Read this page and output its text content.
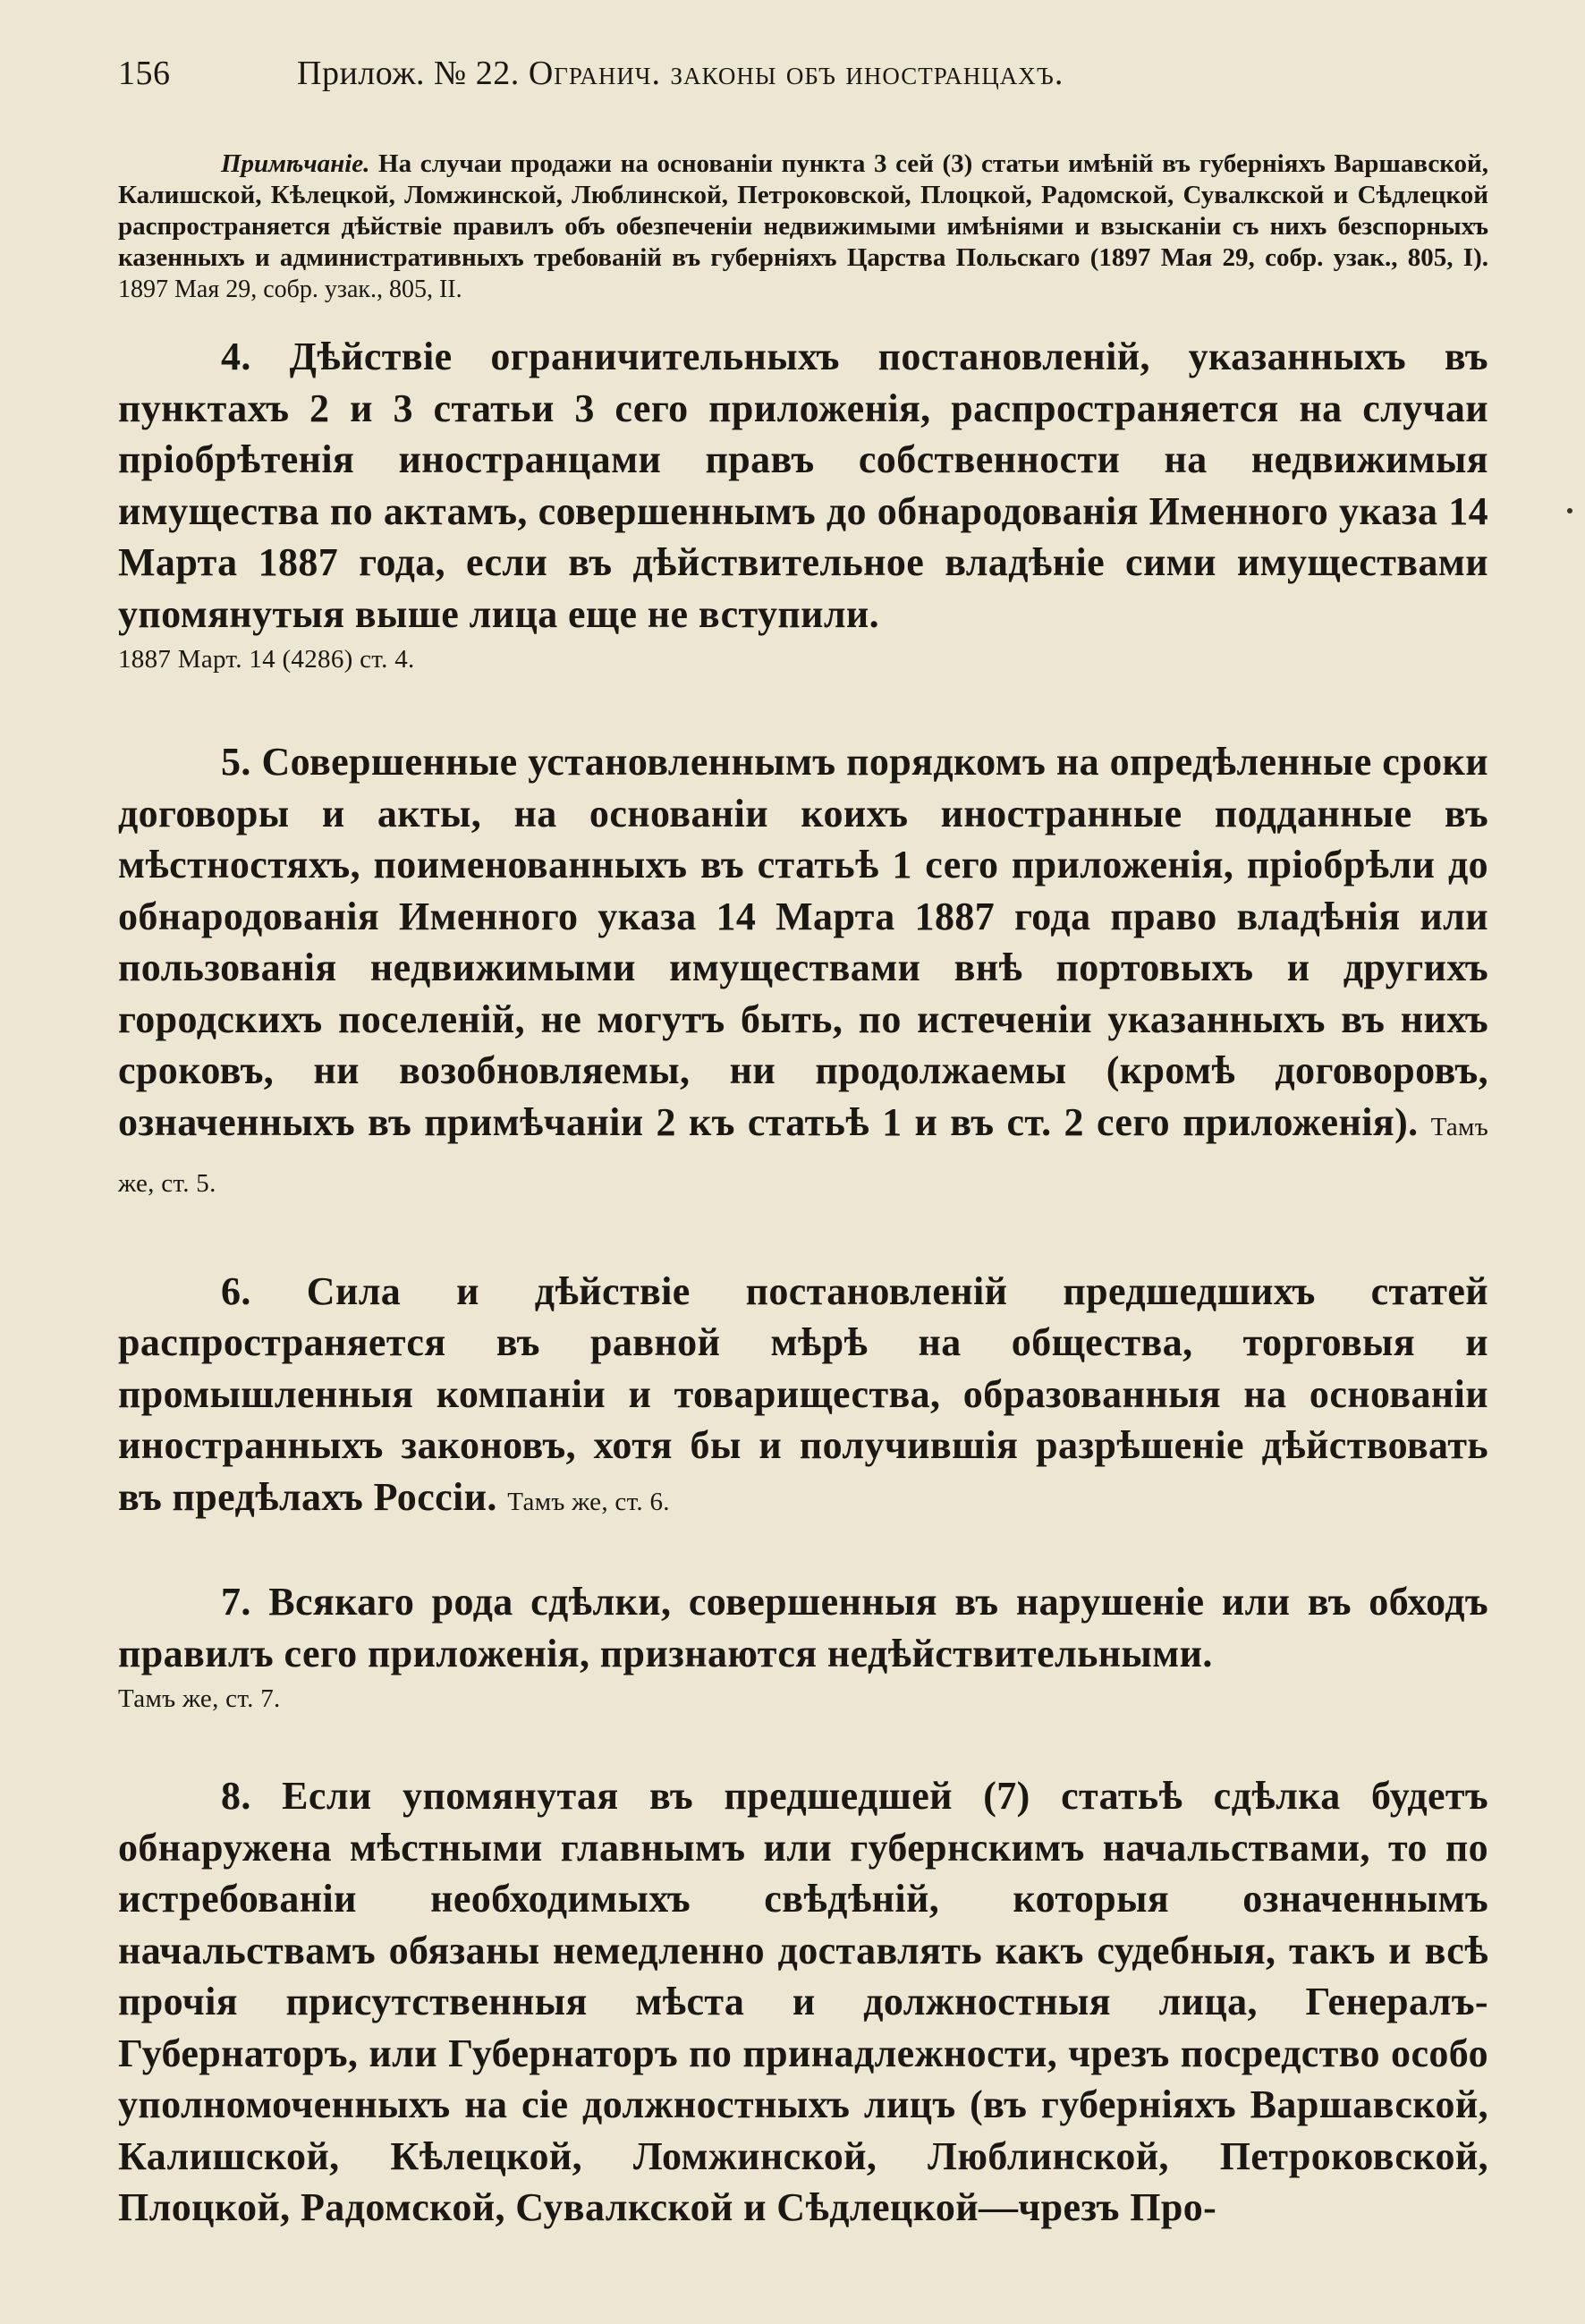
156	Прилож. № 22. Огранич. законы объ иностранцахъ.

Примѣчаніе. На случаи продажи на основаніи пункта 3 сей (3) статьи имѣній въ губерніяхъ Варшавской, Калишской, Кѣлецкой, Ломжинской, Люблинской, Петроковской, Плоцкой, Радомской, Сувалкской и Сѣдлецкой распространяется дѣйствіе правилъ объ обезпеченіи недвижимыми имѣніями и взысканіи съ нихъ безспорныхъ казенныхъ и административныхъ требованій въ губерніяхъ Царства Польскаго (1897 Мая 29, собр. узак., 805, I). 1897 Мая 29, собр. узак., 805, II.

4. Дѣйствіе ограничительныхъ постановленій, указанныхъ въ пунктахъ 2 и 3 статьи 3 сего приложенія, распространяется на случаи пріобрѣтенія иностранцами правъ собственности на недвижимыя имущества по актамъ, совершеннымъ до обнародованія Именного указа 14 Марта 1887 года, если въ дѣйствительное владѣніе сими имуществами упомянутыя выше лица еще не вступили.
1887 Март. 14 (4286) ст. 4.

5. Совершенные установленнымъ порядкомъ на опредѣленные сроки договоры и акты, на основаніи коихъ иностранные подданные въ мѣстностяхъ, поименованныхъ въ статьѣ 1 сего приложенія, пріобрѣли до обнародованія Именного указа 14 Марта 1887 года право владѣнія или пользованія недвижимыми имуществами внѣ портовыхъ и другихъ городскихъ поселеній, не могутъ быть, по истеченіи указанныхъ въ нихъ сроковъ, ни возобновляемы, ни продолжаемы (кромѣ договоровъ, означенныхъ въ примѣчаніи 2 къ статьѣ 1 и въ ст. 2 сего приложенія). Тамъ же, ст. 5.

6. Сила и дѣйствіе постановленій предшедшихъ статей распространяется въ равной мѣрѣ на общества, торговыя и промышленныя компаніи и товарищества, образованныя на основаніи иностранныхъ законовъ, хотя бы и получившія разрѣшеніе дѣйствовать въ предѣлахъ Россіи. Тамъ же, ст. 6.

7. Всякаго рода сдѣлки, совершенныя въ нарушеніе или въ обходъ правилъ сего приложенія, признаются недѣйствительными.
Тамъ же, ст. 7.

8. Если упомянутая въ предшедшей (7) статьѣ сдѣлка будетъ обнаружена мѣстными главнымъ или губернскимъ начальствами, то по истребованіи необходимыхъ свѣдѣній, которыя означеннымъ начальствамъ обязаны немедленно доставлять какъ судебныя, такъ и всѣ прочія присутственныя мѣста и должностныя лица, Генералъ-Губернаторъ, или Губернаторъ по принадлежности, чрезъ посредство особо уполномоченныхъ на сіе должностныхъ лицъ (въ губерніяхъ Варшавской, Калишской, Кѣлецкой, Ломжинской, Люблинской, Петроковской, Плоцкой, Радомской, Сувалкской и Сѣдлецкой—чрезъ Про-
